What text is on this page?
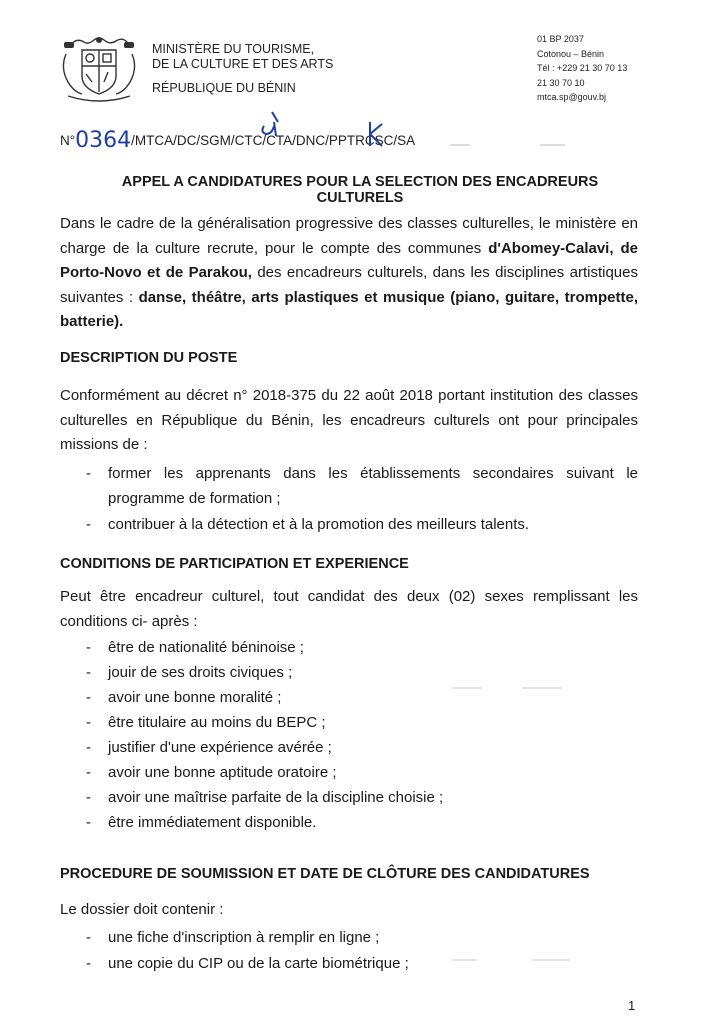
MINISTÈRE DU TOURISME,
DE LA CULTURE ET DES ARTS
RÉPUBLIQUE DU BÉNIN
01 BP 2037
Cotonou – Bénin
Tél : +229 21 30 70 13
21 30 70 10
mtca.sp@gouv.bj
N°0364/MTCA/DC/SGM/CTC/CTA/DNC/PPTRCSC/SA
APPEL A CANDIDATURES POUR LA SELECTION DES ENCADREURS
CULTURELS
Dans le cadre de la généralisation progressive des classes culturelles, le ministère en charge de la culture recrute, pour le compte des communes d'Abomey-Calavi, de Porto-Novo et de Parakou, des encadreurs culturels, dans les disciplines artistiques suivantes : danse, théâtre, arts plastiques et musique (piano, guitare, trompette, batterie).
DESCRIPTION DU POSTE
Conformément au décret n° 2018-375 du 22 août 2018 portant institution des classes culturelles en République du Bénin, les encadreurs culturels ont pour principales missions de :
- former les apprenants dans les établissements secondaires suivant le programme de formation ;
- contribuer à la détection et à la promotion des meilleurs talents.
CONDITIONS DE PARTICIPATION ET EXPERIENCE
Peut être encadreur culturel, tout candidat des deux (02) sexes remplissant les conditions ci- après :
- être de nationalité béninoise ;
- jouir de ses droits civiques ;
- avoir une bonne moralité ;
- être titulaire au moins du BEPC ;
- justifier d'une expérience avérée ;
- avoir une bonne aptitude oratoire ;
- avoir une maîtrise parfaite de la discipline choisie ;
- être immédiatement disponible.
PROCEDURE DE SOUMISSION ET DATE DE CLÔTURE DES CANDIDATURES
Le dossier doit contenir :
- une fiche d'inscription à remplir en ligne ;
- une copie du CIP ou de la carte biométrique ;
1
